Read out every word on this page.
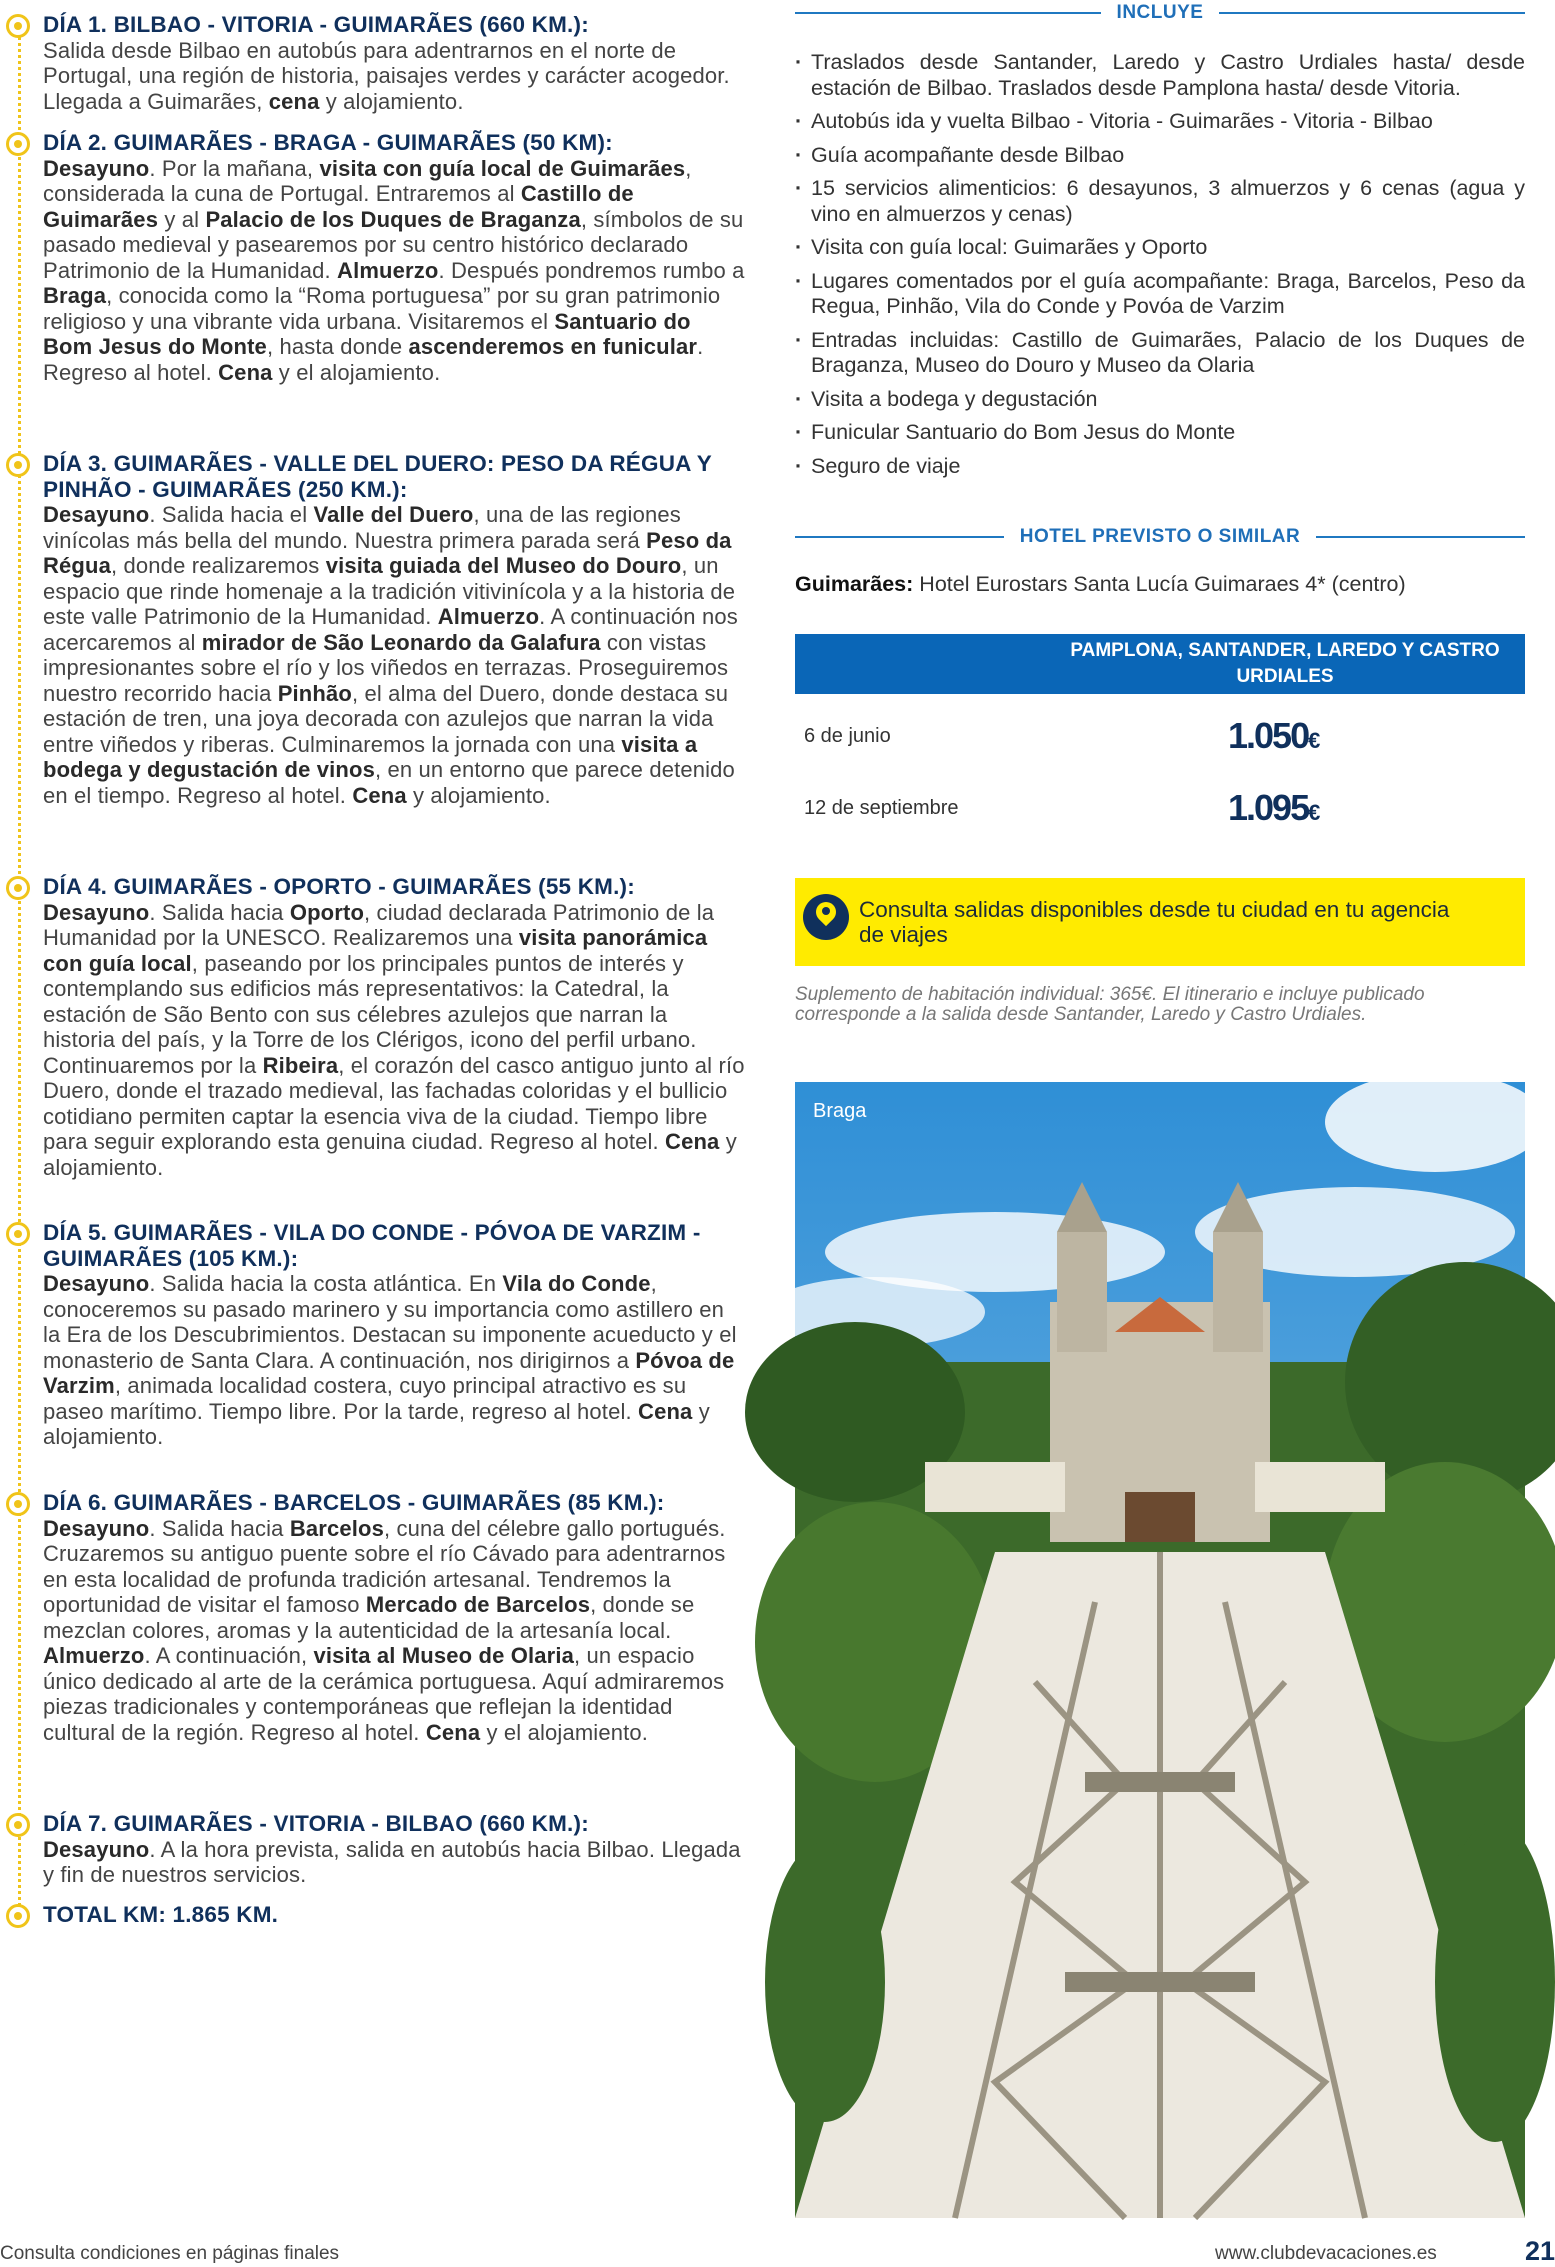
DÍA 1. BILBAO - VITORIA - GUIMARÃES (660 KM.):

Salida desde Bilbao en autobús para adentrarnos en el norte de Portugal, una región de historia, paisajes verdes y carácter acogedor. Llegada a Guimarães, cena y alojamiento.

DÍA 2. GUIMARÃES - BRAGA - GUIMARÃES (50 KM):

Desayuno. Por la mañana, visita con guía local de Guimarães, considerada la cuna de Portugal. Entraremos al Castillo de Guimarães y al Palacio de los Duques de Braganza, símbolos de su pasado medieval y pasearemos por su centro histórico declarado Patrimonio de la Humanidad. Almuerzo. Después pondremos rumbo a Braga, conocida como la “Roma portuguesa” por su gran patrimonio religioso y una vibrante vida urbana. Visitaremos el Santuario do Bom Jesus do Monte, hasta donde ascenderemos en funicular. Regreso al hotel. Cena y el alojamiento.

DÍA 3. GUIMARÃES - VALLE DEL DUERO: PESO DA RÉGUA Y PINHÃO - GUIMARÃES (250 KM.):

Desayuno. Salida hacia el Valle del Duero, una de las regiones vinícolas más bella del mundo. Nuestra primera parada será Peso da Régua, donde realizaremos visita guiada del Museo do Douro, un espacio que rinde homenaje a la tradición vitivinícola y a la historia de este valle Patrimonio de la Humanidad. Almuerzo. A continuación nos acercaremos al mirador de São Leonardo da Galafura con vistas impresionantes sobre el río y los viñedos en terrazas. Proseguiremos nuestro recorrido hacia Pinhão, el alma del Duero, donde destaca su estación de tren, una joya decorada con azulejos que narran la vida entre viñedos y riberas. Culminaremos la jornada con una visita a bodega y degustación de vinos, en un entorno que parece detenido en el tiempo. Regreso al hotel. Cena y alojamiento.

DÍA 4. GUIMARÃES - OPORTO - GUIMARÃES (55 KM.):

Desayuno. Salida hacia Oporto, ciudad declarada Patrimonio de la Humanidad por la UNESCO. Realizaremos una visita panorámica con guía local, paseando por los principales puntos de interés y contemplando sus edificios más representativos: la Catedral, la estación de São Bento con sus célebres azulejos que narran la historia del país, y la Torre de los Clérigos, icono del perfil urbano. Continuaremos por la Ribeira, el corazón del casco antiguo junto al río Duero, donde el trazado medieval, las fachadas coloridas y el bullicio cotidiano permiten captar la esencia viva de la ciudad. Tiempo libre para seguir explorando esta genuina ciudad. Regreso al hotel. Cena y alojamiento.

DÍA 5. GUIMARÃES - VILA DO CONDE - PÓVOA DE VARZIM - GUIMARÃES (105 KM.):

Desayuno. Salida hacia la costa atlántica. En Vila do Conde, conoceremos su pasado marinero y su importancia como astillero en la Era de los Descubrimientos. Destacan su imponente acueducto y el monasterio de Santa Clara. A continuación, nos dirigirnos a Póvoa de Varzim, animada localidad costera, cuyo principal atractivo es su paseo marítimo. Tiempo libre. Por la tarde, regreso al hotel. Cena y alojamiento.

DÍA 6. GUIMARÃES - BARCELOS - GUIMARÃES (85 KM.):

Desayuno. Salida hacia Barcelos, cuna del célebre gallo portugués. Cruzaremos su antiguo puente sobre el río Cávado para adentrarnos en esta localidad de profunda tradición artesanal. Tendremos la oportunidad de visitar el famoso Mercado de Barcelos, donde se mezclan colores, aromas y la autenticidad de la artesanía local. Almuerzo. A continuación, visita al Museo de Olaria, un espacio único dedicado al arte de la cerámica portuguesa. Aquí admiraremos piezas tradicionales y contemporáneas que reflejan la identidad cultural de la región. Regreso al hotel. Cena y el alojamiento.

DÍA 7. GUIMARÃES - VITORIA - BILBAO (660 KM.):

Desayuno. A la hora prevista, salida en autobús hacia Bilbao. Llegada y fin de nuestros servicios.

TOTAL KM: 1.865 KM.
INCLUYE
· Traslados desde Santander, Laredo y Castro Urdiales hasta/ desde estación de Bilbao. Traslados desde Pamplona hasta/ desde Vitoria.
· Autobús ida y vuelta Bilbao - Vitoria - Guimarães - Vitoria - Bilbao
· Guía acompañante desde Bilbao
· 15 servicios alimenticios: 6 desayunos, 3 almuerzos y 6 cenas (agua y vino en almuerzos y cenas)
· Visita con guía local: Guimarães y Oporto
· Lugares comentados por el guía acompañante: Braga, Barcelos, Peso da Regua, Pinhão, Vila do Conde y Povóa de Varzim
· Entradas incluidas: Castillo de Guimarães, Palacio de los Duques de Braganza, Museo do Douro y Museo da Olaria
· Visita a bodega y degustación
· Funicular Santuario do Bom Jesus do Monte
· Seguro de viaje
HOTEL PREVISTO O SIMILAR
Guimarães: Hotel Eurostars Santa Lucía Guimaraes 4* (centro)
PAMPLONA, SANTANDER, LAREDO Y CASTRO URDIALES
6 de junio	1.050€
12 de septiembre	1.095€
Consulta salidas disponibles desde tu ciudad en tu agencia de viajes
Suplemento de habitación individual: 365€. El itinerario e incluye publicado corresponde a la salida desde Santander, Laredo y Castro Urdiales.
Braga
Consulta condiciones en páginas finales	www.clubdevacaciones.es	21
